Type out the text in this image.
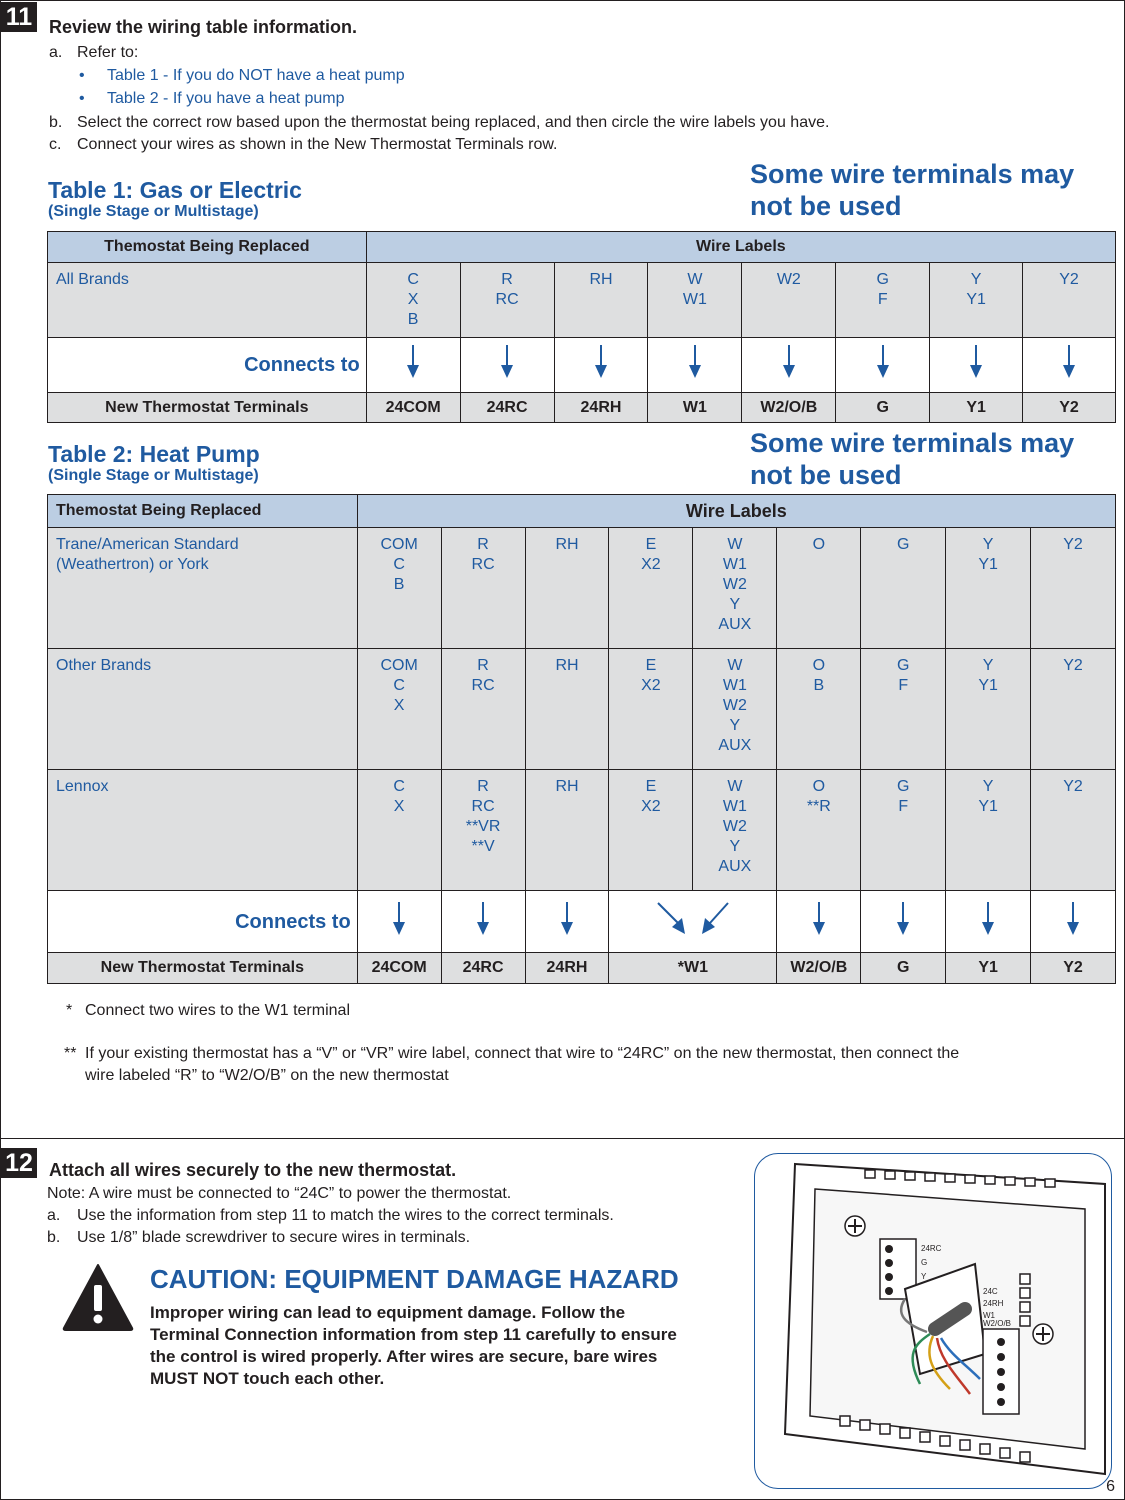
11 Review the wiring table information.
a. Refer to:
• Table 1 - If you do NOT have a heat pump
• Table 2 - If you have a heat pump
b. Select the correct row based upon the thermostat being replaced, and then circle the wire labels you have.
c. Connect your wires as shown in the New Thermostat Terminals row.
Table 1: Gas or Electric
(Single Stage or Multistage)
Some wire terminals may
not be used
Themostat Being Replaced	Wire Labels							
All Brands	C
X
B	R
RC	RH	W
W1	W2	G
F	Y
Y1	Y2

Connects to								
New Thermostat Terminals	24COM	24RC	24RH	W1	W2/O/B	G	Y1	Y2
Table 2: Heat Pump
(Single Stage or Multistage)
Some wire terminals may
not be used
Themostat Being Replaced	Wire Labels								

Trane/American Standard
(Weathertron) or York	COM
C
B	R
RC	RH	E
X2	W
W1
W2
Y
AUX	O	G	Y
Y1	Y2

Other Brands	COM
C
X	R
RC	RH	E
X2	W
W1
W2
Y
AUX	O
B	G
F	Y
Y1	Y2

Lennox	C
X	R
RC
**VR
**V	RH	E
X2	W
W1
W2
Y
AUX	O
**R	G
F	Y
Y1	Y2

Connects to								
New Thermostat Terminals	24COM	24RC	24RH	*W1		W2/O/B	G	Y1	Y2
* Connect two wires to the W1 terminal
** If your existing thermostat has a “V” or “VR” wire label, connect that wire to “24RC” on the new thermostat, then connect the
wire labeled “R” to “W2/O/B” on the new thermostat
12 Attach all wires securely to the new thermostat.
Note: A wire must be connected to “24C” to power the thermostat.
a. Use the information from step 11 to match the wires to the correct terminals.
b. Use 1/8” blade screwdriver to secure wires in terminals.
CAUTION: EQUIPMENT DAMAGE HAZARD
Improper wiring can lead to equipment damage. Follow the
Terminal Connection information from step 11 carefully to ensure
the control is wired properly. After wires are secure, bare wires
MUST NOT touch each other.
24RC
G
Y
24C
24RH
W1
W2/O/B
6
